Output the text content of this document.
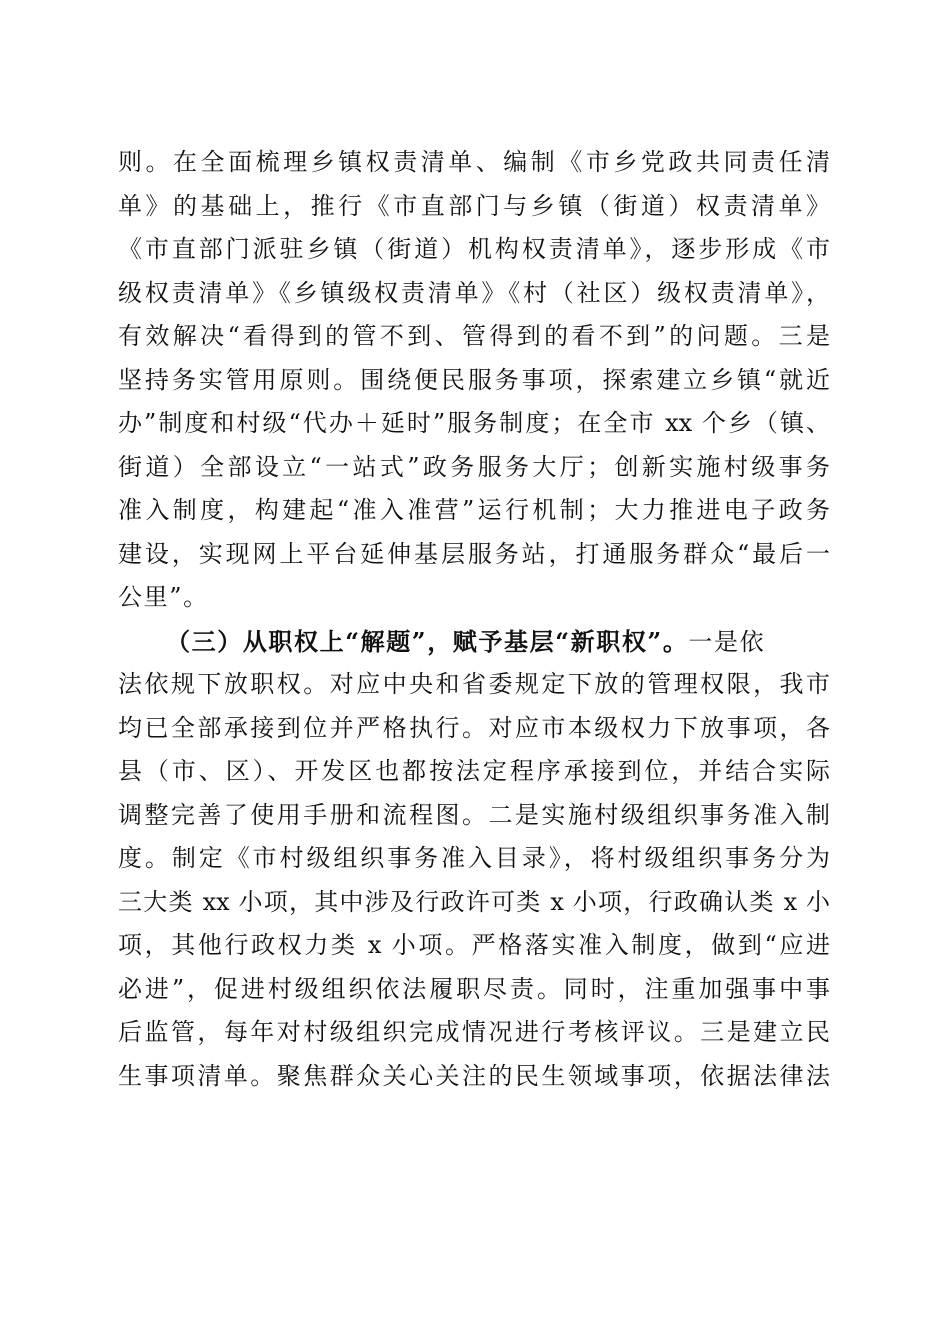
则。在全面梳理乡镇权责清单、编制《市乡党政共同责任清
单》的基础上，推行《市直部门与乡镇（街道）权责清单》
《市直部门派驻乡镇（街道）机构权责清单》，逐步形成《市
级权责清单》《乡镇级权责清单》《村（社区）级权责清单》，
有效解决“看得到的管不到、管得到的看不到”的问题。三是
坚持务实管用原则。围绕便民服务事项，探索建立乡镇“就近
办”制度和村级“代办＋延时”服务制度；在全市 xx 个乡（镇、
街道）全部设立“一站式”政务服务大厅；创新实施村级事务
准入制度，构建起“准入准营”运行机制；大力推进电子政务
建设，实现网上平台延伸基层服务站，打通服务群众“最后一
公里”。
（三）从职权上“解题”，赋予基层“新职权”。一是依
法依规下放职权。对应中央和省委规定下放的管理权限，我市
均已全部承接到位并严格执行。对应市本级权力下放事项，各
县（市、区）、开发区也都按法定程序承接到位，并结合实际
调整完善了使用手册和流程图。二是实施村级组织事务准入制
度。制定《市村级组织事务准入目录》，将村级组织事务分为
三大类 xx 小项，其中涉及行政许可类 x 小项，行政确认类 x 小
项，其他行政权力类 x 小项。严格落实准入制度，做到“应进
必进”，促进村级组织依法履职尽责。同时，注重加强事中事
后监管，每年对村级组织完成情况进行考核评议。三是建立民
生事项清单。聚焦群众关心关注的民生领域事项，依据法律法
